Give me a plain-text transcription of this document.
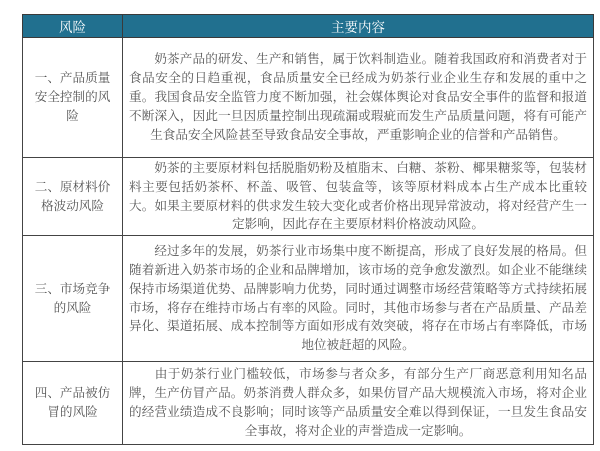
风险	主要内容
一、产品质量安全控制的风险	奶茶产品的研发、生产和销售，属于饮料制造业。随着我国政府和消费者对于食品安全的日趋重视，食品质量安全已经成为奶茶行业企业生存和发展的重中之重。我国食品安全监管力度不断加强，社会媒体舆论对食品安全事件的监督和报道不断深入，因此一旦因质量控制出现疏漏或瑕疵而发生产品质量问题，将有可能产生食品安全风险甚至导致食品安全事故，严重影响企业的信誉和产品销售。
二、原材料价格波动风险	奶茶的主要原材料包括脱脂奶粉及植脂末、白糖、茶粉、椰果糖浆等，包装材料主要包括奶茶杯、杯盖、吸管、包装盒等，该等原材料成本占生产成本比重较大。如果主要原材料的供求发生较大变化或者价格出现异常波动，将对经营产生一定影响，因此存在主要原材料价格波动风险。
三、市场竞争的风险	经过多年的发展，奶茶行业市场集中度不断提高，形成了良好发展的格局。但随着新进入奶茶市场的企业和品牌增加，该市场的竞争愈发激烈。如企业不能继续保持市场渠道优势、品牌影响力优势，同时通过调整市场经营策略等方式持续拓展市场，将存在维持市场占有率的风险。同时，其他市场参与者在产品质量、产品差异化、渠道拓展、成本控制等方面如形成有效突破，将存在市场占有率降低，市场地位被赶超的风险。
四、产品被仿冒的风险	由于奶茶行业门槛较低，市场参与者众多，有部分生产厂商恶意利用知名品牌，生产仿冒产品。奶茶消费人群众多，如果仿冒产品大规模流入市场，将对企业的经营业绩造成不良影响；同时该等产品质量安全难以得到保证，一旦发生食品安全事故，将对企业的声誉造成一定影响。
